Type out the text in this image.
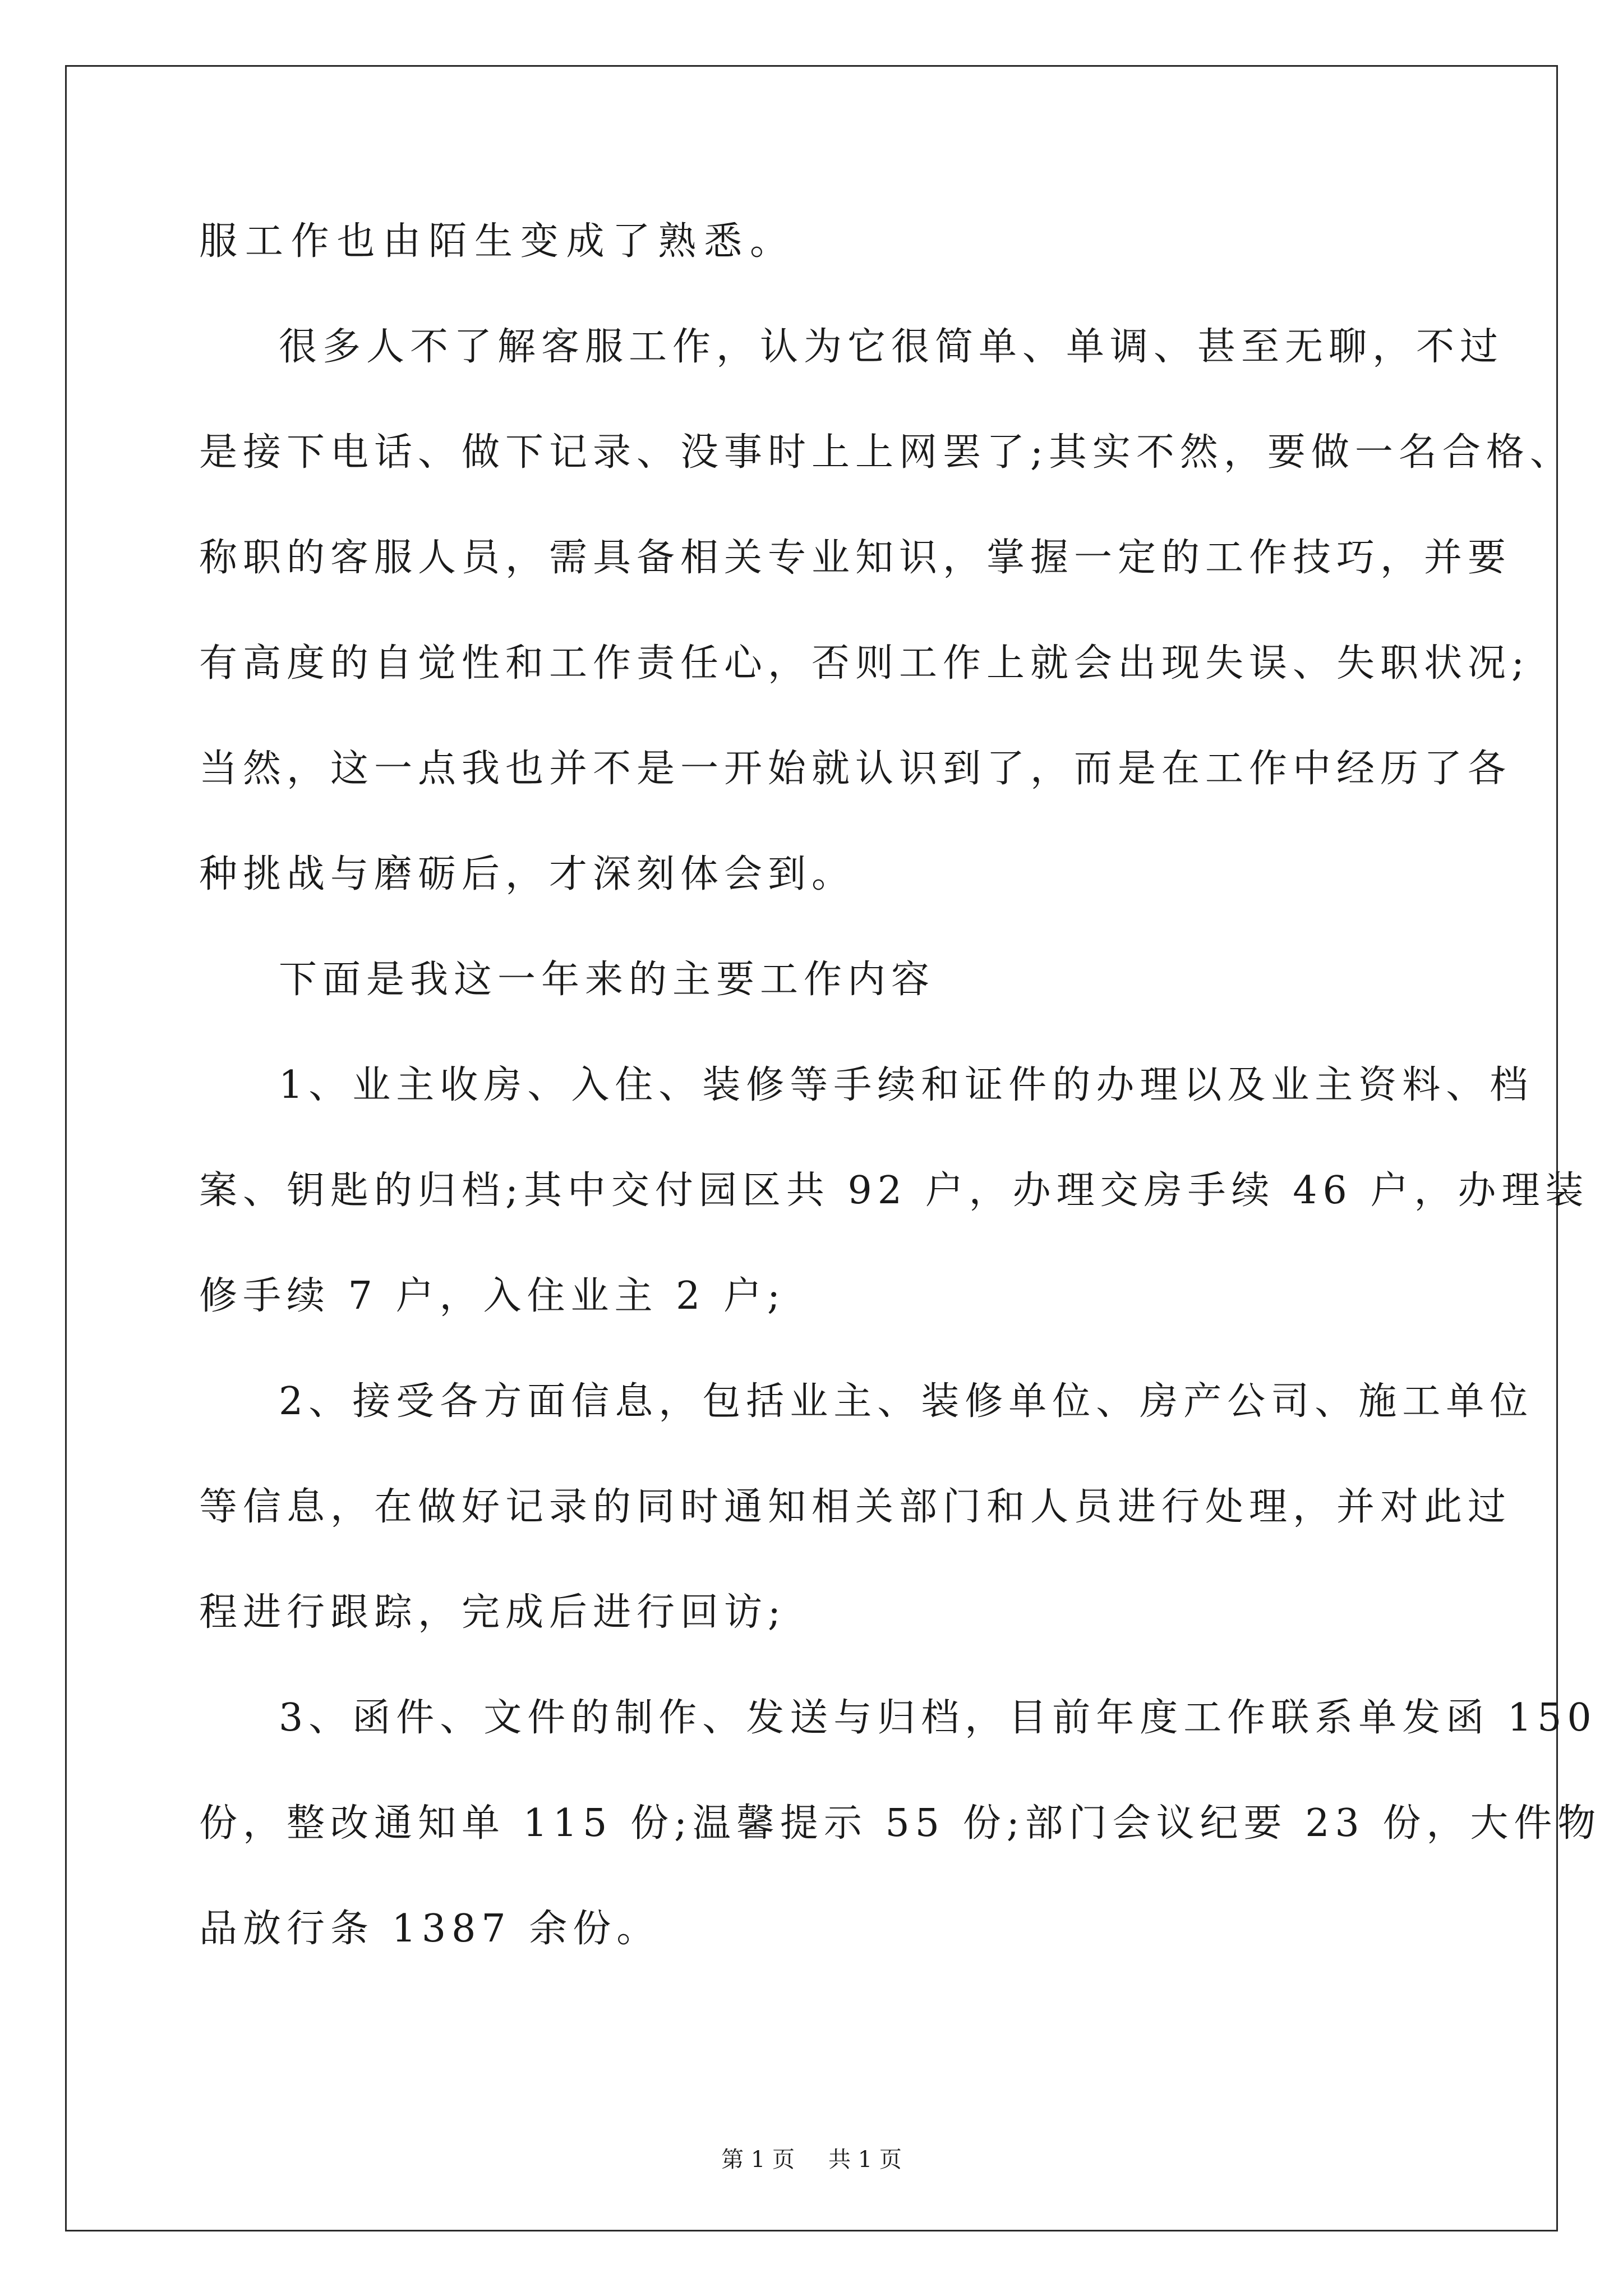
服工作也由陌生变成了熟悉。
很多人不了解客服工作，认为它很简单、单调、甚至无聊，不过
是接下电话、做下记录、没事时上上网罢了;其实不然，要做一名合格、
称职的客服人员，需具备相关专业知识，掌握一定的工作技巧，并要
有高度的自觉性和工作责任心，否则工作上就会出现失误、失职状况;
当然，这一点我也并不是一开始就认识到了，而是在工作中经历了各
种挑战与磨砺后，才深刻体会到。
下面是我这一年来的主要工作内容
1、业主收房、入住、装修等手续和证件的办理以及业主资料、档
案、钥匙的归档;其中交付园区共 92 户，办理交房手续 46 户，办理装
修手续 7 户，入住业主 2 户;
2、接受各方面信息，包括业主、装修单位、房产公司、施工单位
等信息，在做好记录的同时通知相关部门和人员进行处理，并对此过
程进行跟踪，完成后进行回访;
3、函件、文件的制作、发送与归档，目前年度工作联系单发函 150
份，整改通知单 115 份;温馨提示 55 份;部门会议纪要 23 份，大件物
品放行条 1387 余份。
第 1 页 共 1 页
